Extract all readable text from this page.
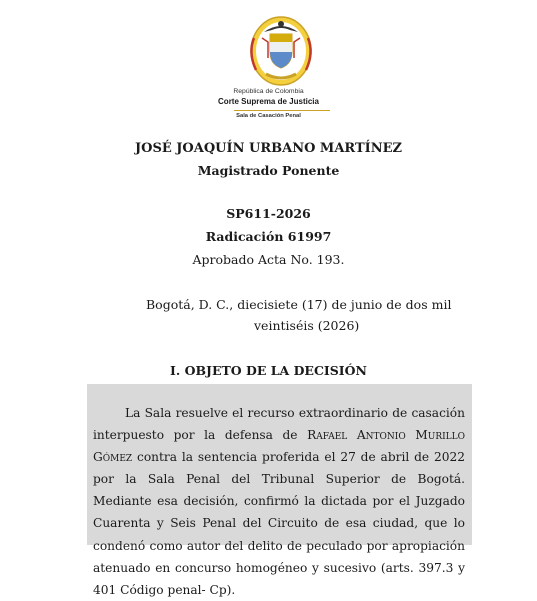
República de Colombia
Corte Suprema de Justicia
Sala de Casación Penal
JOSÉ JOAQUÍN URBANO MARTÍNEZ
Magistrado Ponente
SP611-2026
Radicación 61997
Aprobado Acta No. 193.
Bogotá, D. C., diecisiete (17) de junio de dos mil
veintiséis (2026)
I. OBJETO DE LA DECISIÓN

La Sala resuelve el recurso extraordinario de casación interpuesto por la defensa de Rafael Antonio Murillo Gómez contra la sentencia proferida el 27 de abril de 2022 por la Sala Penal del Tribunal Superior de Bogotá. Mediante esa decisión, confirmó la dictada por el Juzgado Cuarenta y Seis Penal del Circuito de esa ciudad, que lo condenó como autor del delito de peculado por apropiación atenuado en concurso homogéneo y sucesivo (arts. 397.3 y 401 Código penal- Cp).
